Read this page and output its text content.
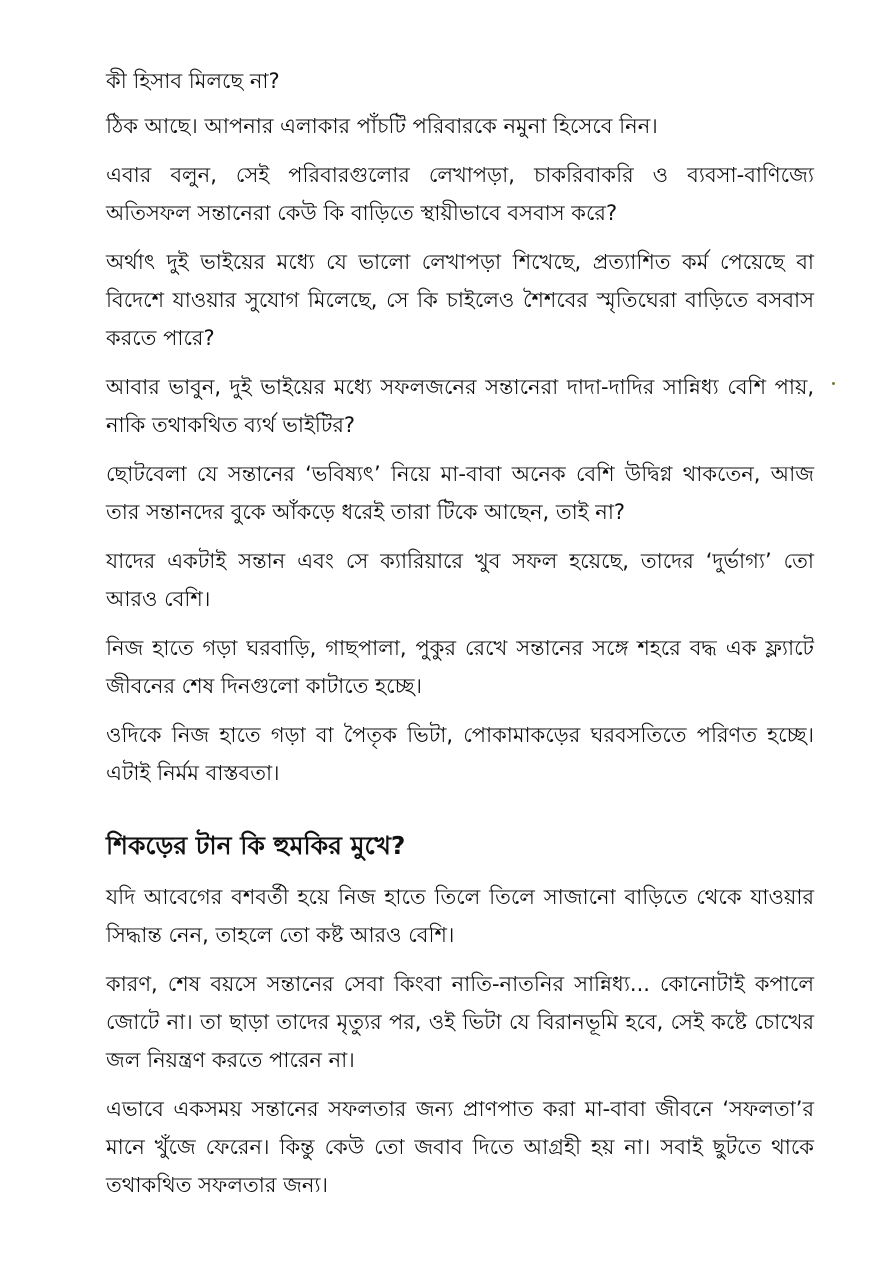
কী হিসাব মিলছে না?

ঠিক আছে। আপনার এলাকার পাঁচটি পরিবারকে নমুনা হিসেবে নিন।

এবার বলুন, সেই পরিবারগুলোর লেখাপড়া, চাকরিবাকরি ও ব্যবসা-বাণিজ্যে অতিসফল সন্তানেরা কেউ কি বাড়িতে স্থায়ীভাবে বসবাস করে?

অর্থাৎ দুই ভাইয়ের মধ্যে যে ভালো লেখাপড়া শিখেছে, প্রত্যাশিত কর্ম পেয়েছে বা বিদেশে যাওয়ার সুযোগ মিলেছে, সে কি চাইলেও শৈশবের স্মৃতিঘেরা বাড়িতে বসবাস করতে পারে?

আবার ভাবুন, দুই ভাইয়ের মধ্যে সফলজনের সন্তানেরা দাদা-দাদির সান্নিধ্য বেশি পায়, নাকি তথাকথিত ব্যর্থ ভাইটির?

ছোটবেলা যে সন্তানের ‘ভবিষ্যৎ’ নিয়ে মা-বাবা অনেক বেশি উদ্বিগ্ন থাকতেন, আজ তার সন্তানদের বুকে আঁকড়ে ধরেই তারা টিকে আছেন, তাই না?

যাদের একটাই সন্তান এবং সে ক্যারিয়ারে খুব সফল হয়েছে, তাদের ‘দুর্ভাগ্য’ তো আরও বেশি।

নিজ হাতে গড়া ঘরবাড়ি, গাছপালা, পুকুর রেখে সন্তানের সঙ্গে শহরে বদ্ধ এক ফ্ল্যাটে জীবনের শেষ দিনগুলো কাটাতে হচ্ছে।

ওদিকে নিজ হাতে গড়া বা পৈতৃক ভিটা, পোকামাকড়ের ঘরবসতিতে পরিণত হচ্ছে। এটাই নির্মম বাস্তবতা।

শিকড়ের টান কি হুমকির মুখে?

যদি আবেগের বশবর্তী হয়ে নিজ হাতে তিলে তিলে সাজানো বাড়িতে থেকে যাওয়ার সিদ্ধান্ত নেন, তাহলে তো কষ্ট আরও বেশি।

কারণ, শেষ বয়সে সন্তানের সেবা কিংবা নাতি-নাতনির সান্নিধ্য... কোনোটাই কপালে জোটে না। তা ছাড়া তাদের মৃত্যুর পর, ওই ভিটা যে বিরানভূমি হবে, সেই কষ্টে চোখের জল নিয়ন্ত্রণ করতে পারেন না।

এভাবে একসময় সন্তানের সফলতার জন্য প্রাণপাত করা মা-বাবা জীবনে ‘সফলতা’র মানে খুঁজে ফেরেন। কিন্তু কেউ তো জবাব দিতে আগ্রহী হয় না। সবাই ছুটতে থাকে তথাকথিত সফলতার জন্য।
